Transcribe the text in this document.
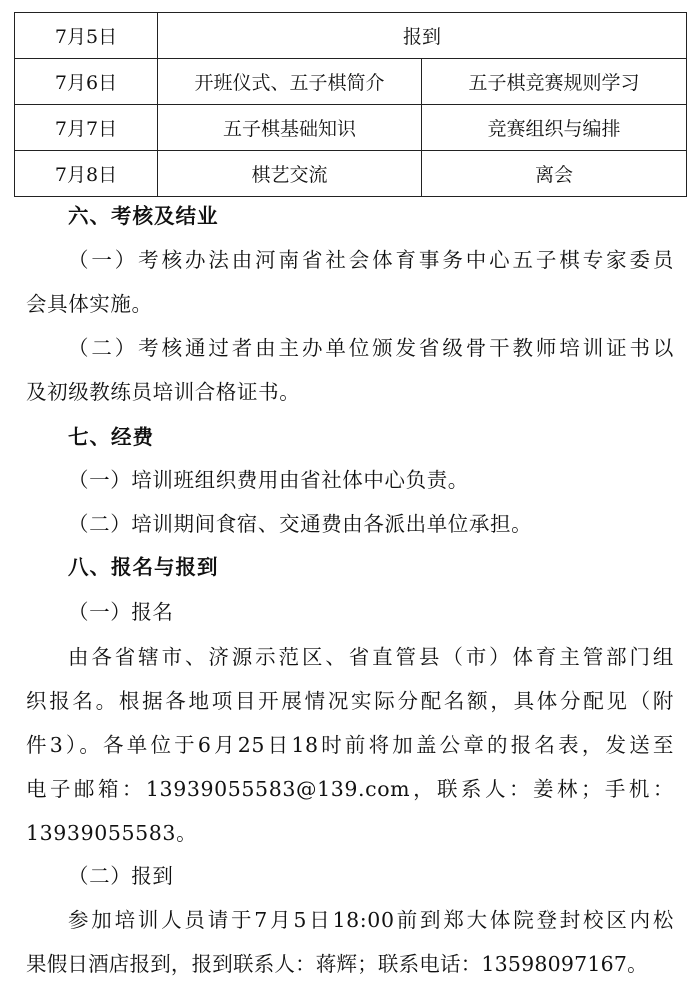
7月5日	报到	
7月6日	开班仪式、五子棋简介	五子棋竞赛规则学习
7月7日	五子棋基础知识	竞赛组织与编排
7月8日	棋艺交流	离会
六、考核及结业
（一）考核办法由河南省社会体育事务中心五子棋专家委员
会具体实施。
（二）考核通过者由主办单位颁发省级骨干教师培训证书以
及初级教练员培训合格证书。
七、经费
（一）培训班组织费用由省社体中心负责。
（二）培训期间食宿、交通费由各派出单位承担。
八、报名与报到
（一）报名
由各省辖市、济源示范区、省直管县（市）体育主管部门组
织报名。根据各地项目开展情况实际分配名额，具体分配见（附
件3）。各单位于6月25日18时前将加盖公章的报名表，发送至
电子邮箱：13939055583@139.com，联系人：姜林；手机：
13939055583。
（二）报到
参加培训人员请于7月5日18:00前到郑大体院登封校区内松
果假日酒店报到，报到联系人：蒋辉；联系电话：13598097167。
